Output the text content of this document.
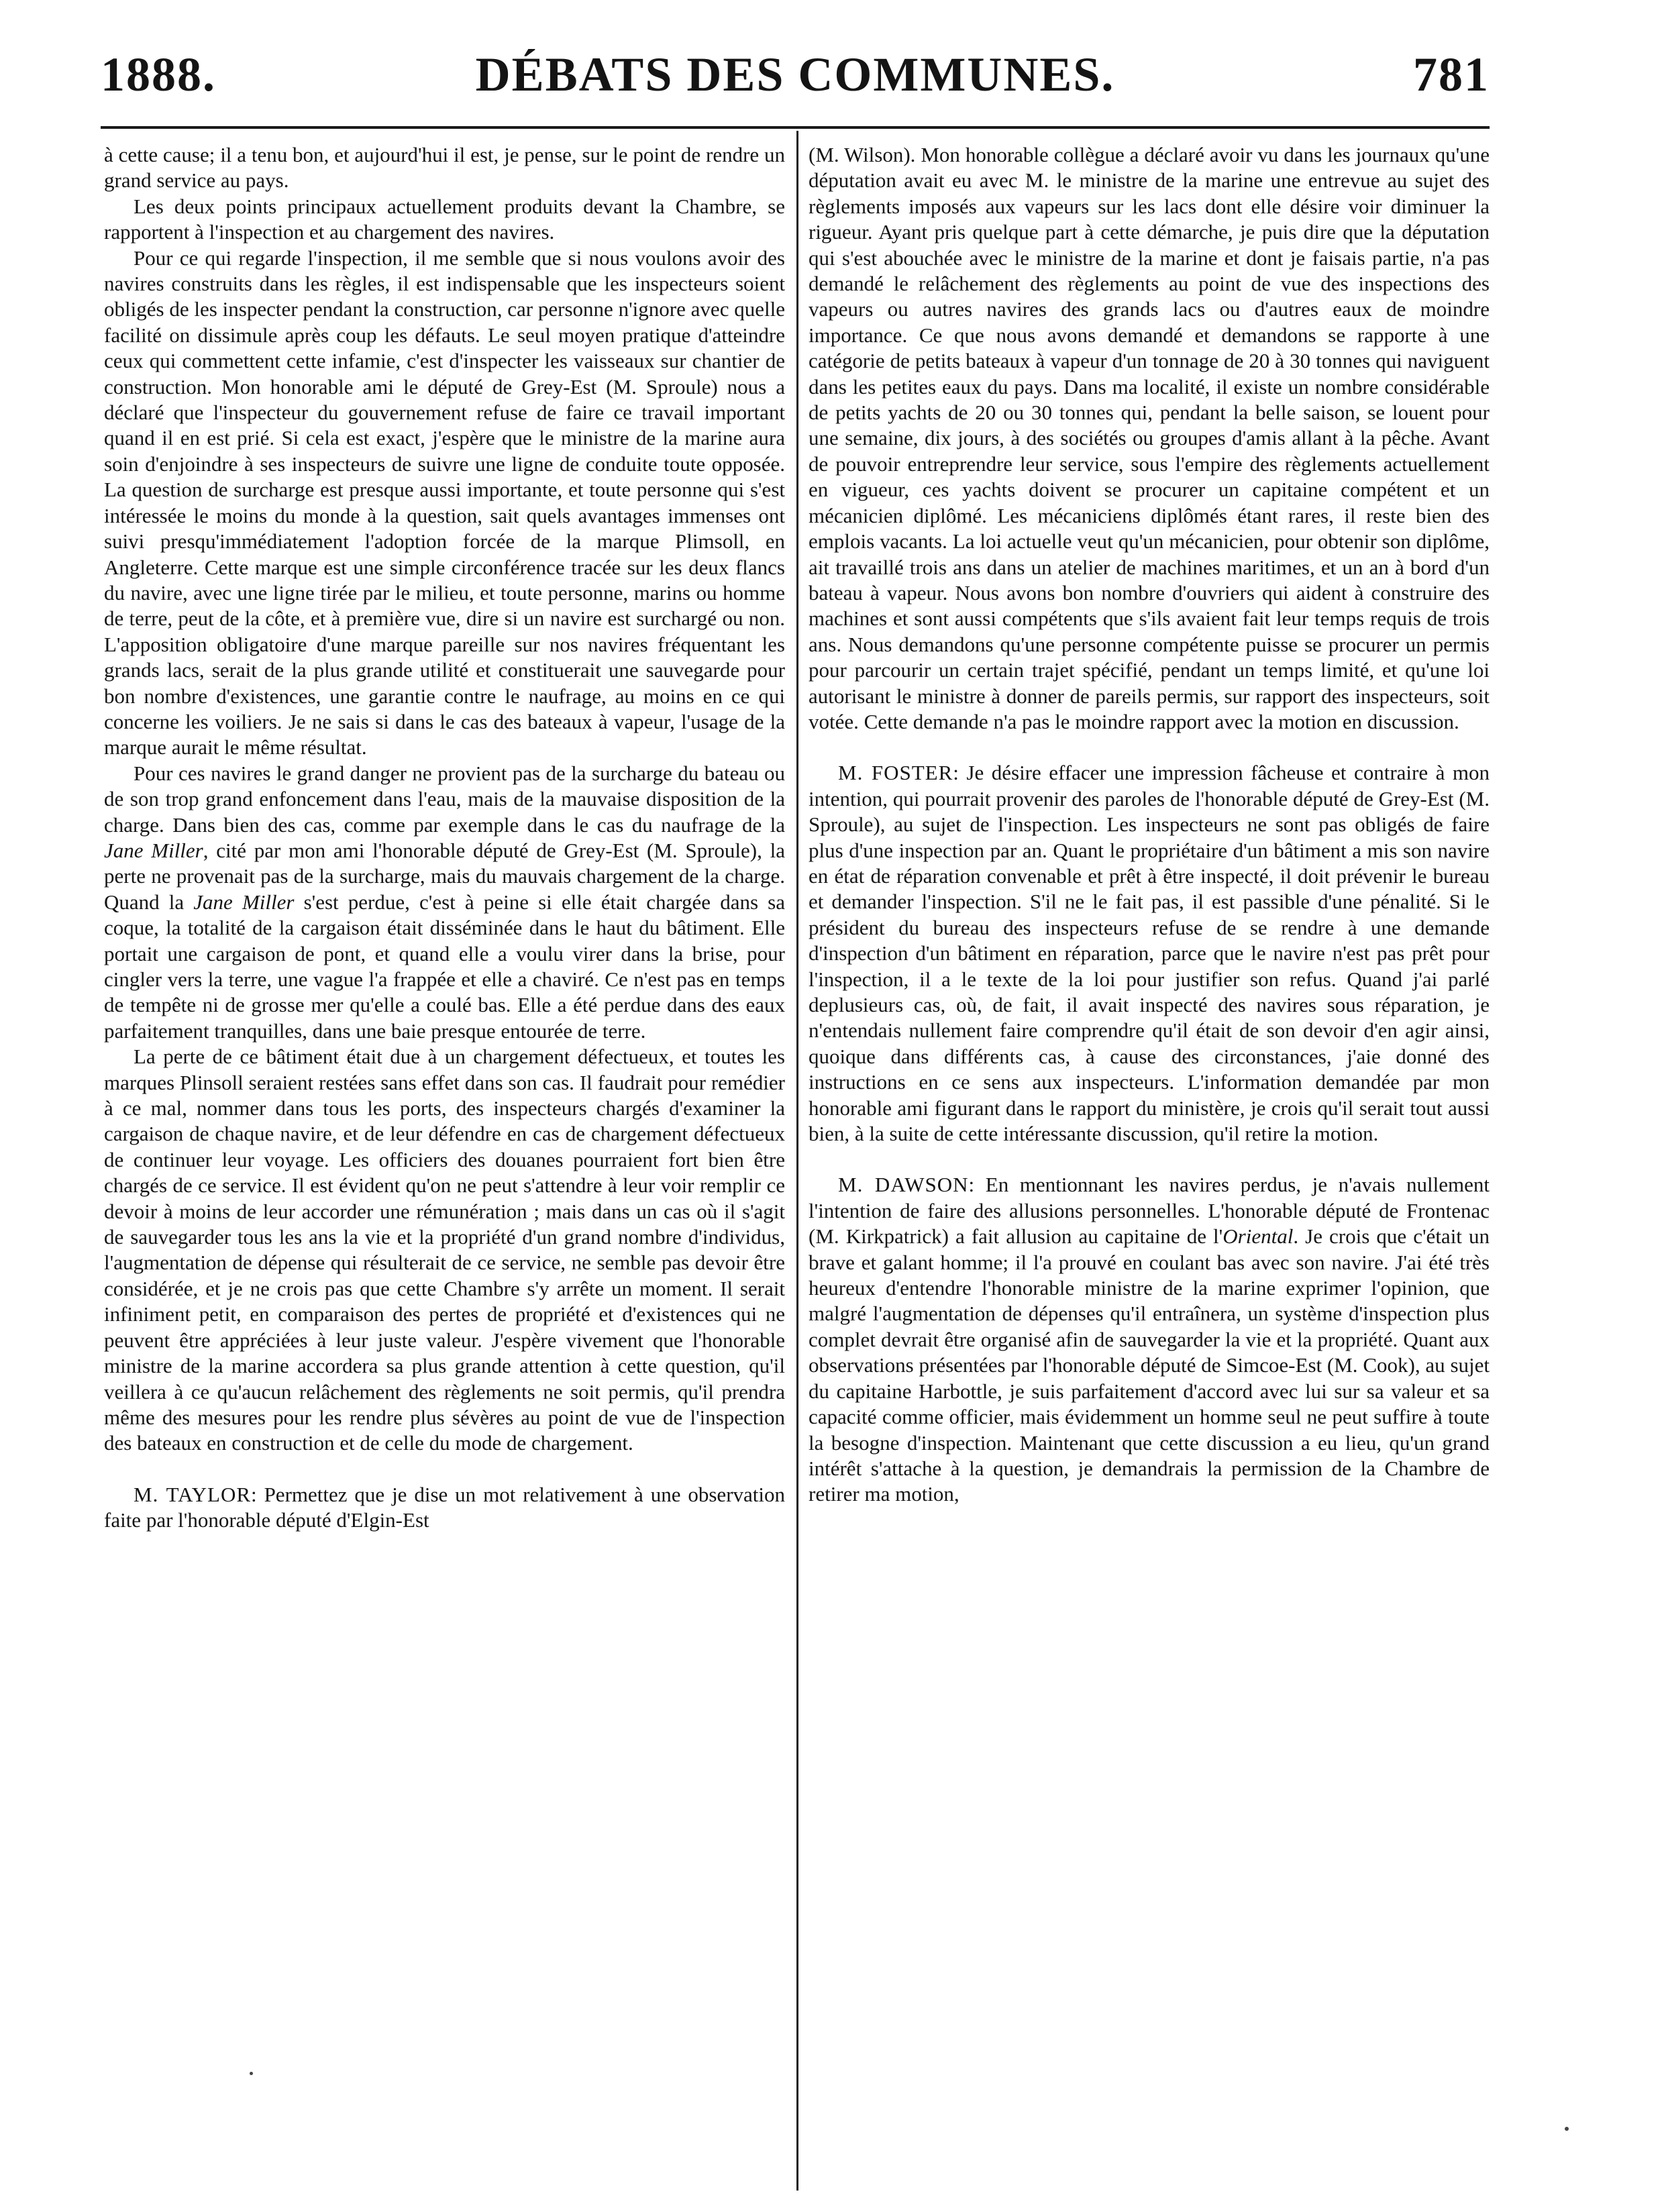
1888.	DÉBATS DES COMMUNES.	781

à cette cause; il a tenu bon, et aujourd'hui il est, je pense, sur le point de rendre un grand service au pays.

Les deux points principaux actuellement produits devant la Chambre, se rapportent à l'inspection et au chargement des navires.

Pour ce qui regarde l'inspection, il me semble que si nous voulons avoir des navires construits dans les règles, il est indispensable que les inspecteurs soient obligés de les inspecter pendant la construction, car personne n'ignore avec quelle facilité on dissimule après coup les défauts. Le seul moyen pratique d'atteindre ceux qui commettent cette infamie, c'est d'inspecter les vaisseaux sur chantier de construction. Mon honorable ami le député de Grey-Est (M. Sproule) nous a déclaré que l'inspecteur du gouvernement refuse de faire ce travail important quand il en est prié. Si cela est exact, j'espère que le ministre de la marine aura soin d'enjoindre à ses inspecteurs de suivre une ligne de conduite toute opposée. La question de surcharge est presque aussi importante, et toute personne qui s'est intéressée le moins du monde à la question, sait quels avantages immenses ont suivi presqu'immédiatement l'adoption forcée de la marque Plimsoll, en Angleterre. Cette marque est une simple circonférence tracée sur les deux flancs du navire, avec une ligne tirée par le milieu, et toute personne, marins ou homme de terre, peut de la côte, et à première vue, dire si un navire est surchargé ou non. L'apposition obligatoire d'une marque pareille sur nos navires fréquentant les grands lacs, serait de la plus grande utilité et constituerait une sauvegarde pour bon nombre d'existences, une garantie contre le naufrage, au moins en ce qui concerne les voiliers. Je ne sais si dans le cas des bateaux à vapeur, l'usage de la marque aurait le même résultat.

Pour ces navires le grand danger ne provient pas de la surcharge du bateau ou de son trop grand enfoncement dans l'eau, mais de la mauvaise disposition de la charge. Dans bien des cas, comme par exemple dans le cas du naufrage de la Jane Miller, cité par mon ami l'honorable député de Grey-Est (M. Sproule), la perte ne provenait pas de la surcharge, mais du mauvais chargement de la charge. Quand la Jane Miller s'est perdue, c'est à peine si elle était chargée dans sa coque, la totalité de la cargaison était disséminée dans le haut du bâtiment. Elle portait une cargaison de pont, et quand elle a voulu virer dans la brise, pour cingler vers la terre, une vague l'a frappée et elle a chaviré. Ce n'est pas en temps de tempête ni de grosse mer qu'elle a coulé bas. Elle a été perdue dans des eaux parfaitement tranquilles, dans une baie presque entourée de terre.

La perte de ce bâtiment était due à un chargement défectueux, et toutes les marques Plinsoll seraient restées sans effet dans son cas. Il faudrait pour remédier à ce mal, nommer dans tous les ports, des inspecteurs chargés d'examiner la cargaison de chaque navire, et de leur défendre en cas de chargement défectueux de continuer leur voyage. Les officiers des douanes pourraient fort bien être chargés de ce service. Il est évident qu'on ne peut s'attendre à leur voir remplir ce devoir à moins de leur accorder une rémunération ; mais dans un cas où il s'agit de sauvegarder tous les ans la vie et la propriété d'un grand nombre d'individus, l'augmentation de dépense qui résulterait de ce service, ne semble pas devoir être considérée, et je ne crois pas que cette Chambre s'y arrête un moment. Il serait infiniment petit, en comparaison des pertes de propriété et d'existences qui ne peuvent être appréciées à leur juste valeur. J'espère vivement que l'honorable ministre de la marine accordera sa plus grande attention à cette question, qu'il veillera à ce qu'aucun relâchement des règlements ne soit permis, qu'il prendra même des mesures pour les rendre plus sévères au point de vue de l'inspection des bateaux en construction et de celle du mode de chargement.

M. TAYLOR: Permettez que je dise un mot relativement à une observation faite par l'honorable député d'Elgin-Est

(M. Wilson). Mon honorable collègue a déclaré avoir vu dans les journaux qu'une députation avait eu avec M. le ministre de la marine une entrevue au sujet des règlements imposés aux vapeurs sur les lacs dont elle désire voir diminuer la rigueur. Ayant pris quelque part à cette démarche, je puis dire que la députation qui s'est abouchée avec le ministre de la marine et dont je faisais partie, n'a pas demandé le relâchement des règlements au point de vue des inspections des vapeurs ou autres navires des grands lacs ou d'autres eaux de moindre importance. Ce que nous avons demandé et demandons se rapporte à une catégorie de petits bateaux à vapeur d'un tonnage de 20 à 30 tonnes qui naviguent dans les petites eaux du pays. Dans ma localité, il existe un nombre considérable de petits yachts de 20 ou 30 tonnes qui, pendant la belle saison, se louent pour une semaine, dix jours, à des sociétés ou groupes d'amis allant à la pêche. Avant de pouvoir entreprendre leur service, sous l'empire des règlements actuellement en vigueur, ces yachts doivent se procurer un capitaine compétent et un mécanicien diplômé. Les mécaniciens diplômés étant rares, il reste bien des emplois vacants. La loi actuelle veut qu'un mécanicien, pour obtenir son diplôme, ait travaillé trois ans dans un atelier de machines maritimes, et un an à bord d'un bateau à vapeur. Nous avons bon nombre d'ouvriers qui aident à construire des machines et sont aussi compétents que s'ils avaient fait leur temps requis de trois ans. Nous demandons qu'une personne compétente puisse se procurer un permis pour parcourir un certain trajet spécifié, pendant un temps limité, et qu'une loi autorisant le ministre à donner de pareils permis, sur rapport des inspecteurs, soit votée. Cette demande n'a pas le moindre rapport avec la motion en discussion.

M. FOSTER: Je désire effacer une impression fâcheuse et contraire à mon intention, qui pourrait provenir des paroles de l'honorable député de Grey-Est (M. Sproule), au sujet de l'inspection. Les inspecteurs ne sont pas obligés de faire plus d'une inspection par an. Quant le propriétaire d'un bâtiment a mis son navire en état de réparation convenable et prêt à être inspecté, il doit prévenir le bureau et demander l'inspection. S'il ne le fait pas, il est passible d'une pénalité. Si le président du bureau des inspecteurs refuse de se rendre à une demande d'inspection d'un bâtiment en réparation, parce que le navire n'est pas prêt pour l'inspection, il a le texte de la loi pour justifier son refus. Quand j'ai parlé deplusieurs cas, où, de fait, il avait inspecté des navires sous réparation, je n'entendais nullement faire comprendre qu'il était de son devoir d'en agir ainsi, quoique dans différents cas, à cause des circonstances, j'aie donné des instructions en ce sens aux inspecteurs. L'information demandée par mon honorable ami figurant dans le rapport du ministère, je crois qu'il serait tout aussi bien, à la suite de cette intéressante discussion, qu'il retire la motion.

M. DAWSON: En mentionnant les navires perdus, je n'avais nullement l'intention de faire des allusions personnelles. L'honorable député de Frontenac (M. Kirkpatrick) a fait allusion au capitaine de l'Oriental. Je crois que c'était un brave et galant homme; il l'a prouvé en coulant bas avec son navire. J'ai été très heureux d'entendre l'honorable ministre de la marine exprimer l'opinion, que malgré l'augmentation de dépenses qu'il entraînera, un système d'inspection plus complet devrait être organisé afin de sauvegarder la vie et la propriété. Quant aux observations présentées par l'honorable député de Simcoe-Est (M. Cook), au sujet du capitaine Harbottle, je suis parfaitement d'accord avec lui sur sa valeur et sa capacité comme officier, mais évidemment un homme seul ne peut suffire à toute la besogne d'inspection. Maintenant que cette discussion a eu lieu, qu'un grand intérêt s'attache à la question, je demandrais la permission de la Chambre de retirer ma motion,
